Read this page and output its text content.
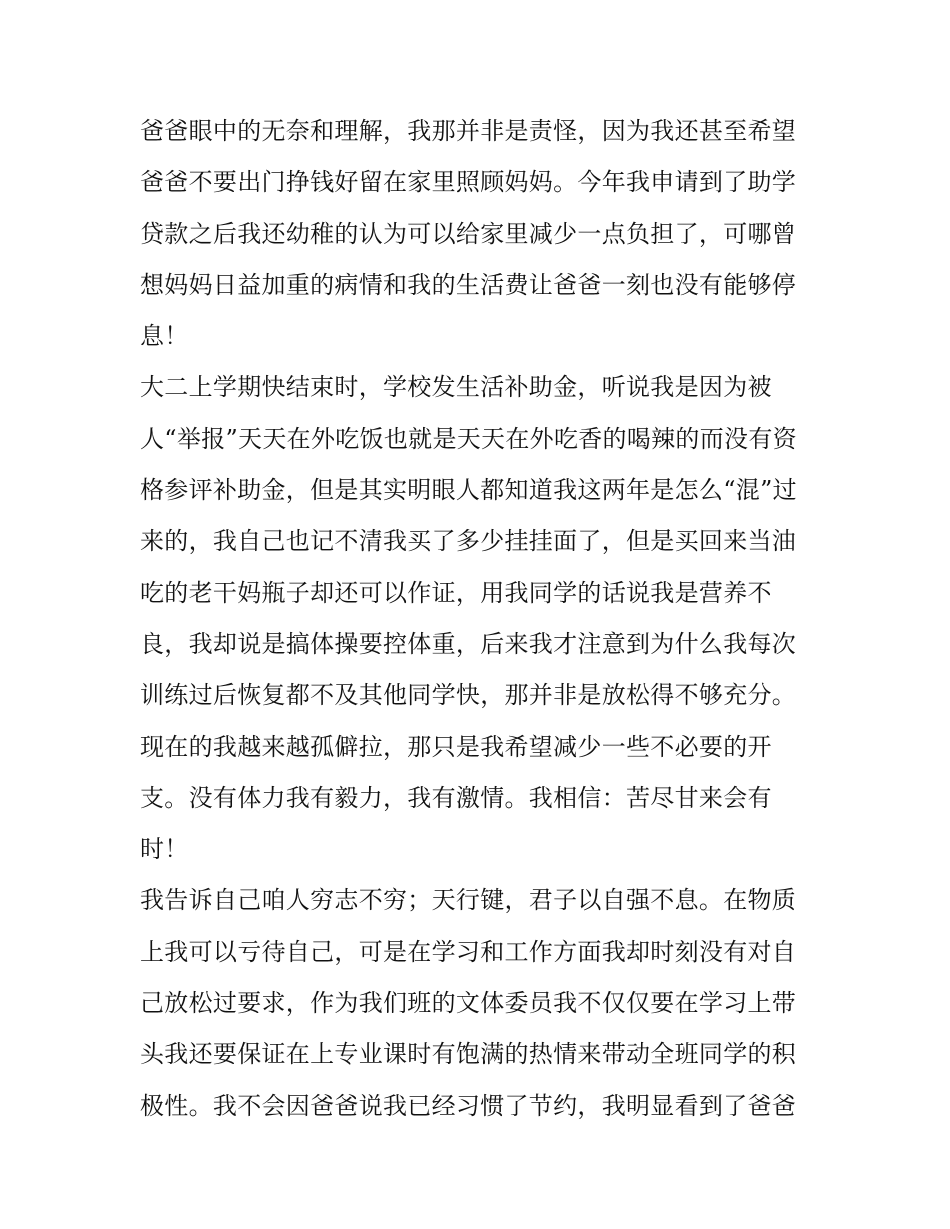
爸爸眼中的无奈和理解，我那并非是责怪，因为我还甚至希望
爸爸不要出门挣钱好留在家里照顾妈妈。今年我申请到了助学
贷款之后我还幼稚的认为可以给家里减少一点负担了，可哪曾
想妈妈日益加重的病情和我的生活费让爸爸一刻也没有能够停
息！
大二上学期快结束时，学校发生活补助金，听说我是因为被
人“举报”天天在外吃饭也就是天天在外吃香的喝辣的而没有资
格参评补助金，但是其实明眼人都知道我这两年是怎么“混”过
来的，我自己也记不清我买了多少挂挂面了，但是买回来当油
吃的老干妈瓶子却还可以作证，用我同学的话说我是营养不
良，我却说是搞体操要控体重，后来我才注意到为什么我每次
训练过后恢复都不及其他同学快，那并非是放松得不够充分。
现在的我越来越孤僻拉，那只是我希望减少一些不必要的开
支。没有体力我有毅力，我有激情。我相信：苦尽甘来会有
时！
我告诉自己咱人穷志不穷；天行键，君子以自强不息。在物质
上我可以亏待自己，可是在学习和工作方面我却时刻没有对自
己放松过要求，作为我们班的文体委员我不仅仅要在学习上带
头我还要保证在上专业课时有饱满的热情来带动全班同学的积
极性。我不会因爸爸说我已经习惯了节约，我明显看到了爸爸
